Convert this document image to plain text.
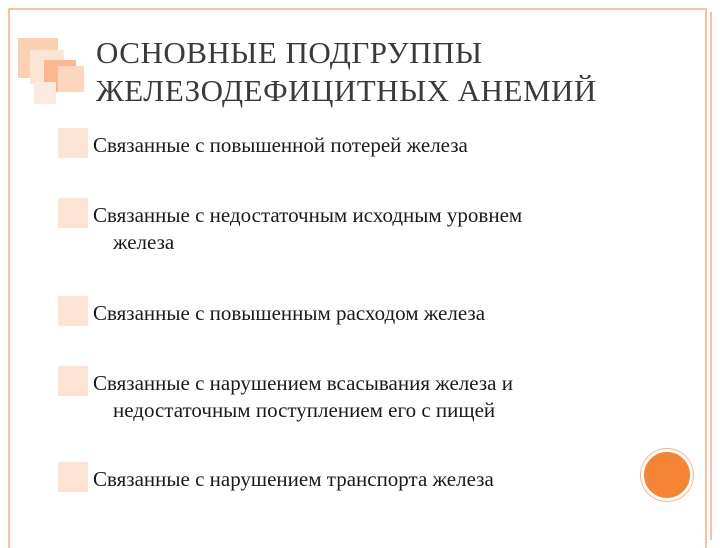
ОСНОВНЫЕ ПОДГРУППЫ
ЖЕЛЕЗОДЕФИЦИТНЫХ АНЕМИЙ
Связанные с повышенной потерей железа
Связанные с недостаточным исходным уровнем
железа
Связанные с повышенным расходом железа
Связанные с нарушением всасывания железа и
недостаточным поступлением его с пищей
Связанные с нарушением транспорта железа
